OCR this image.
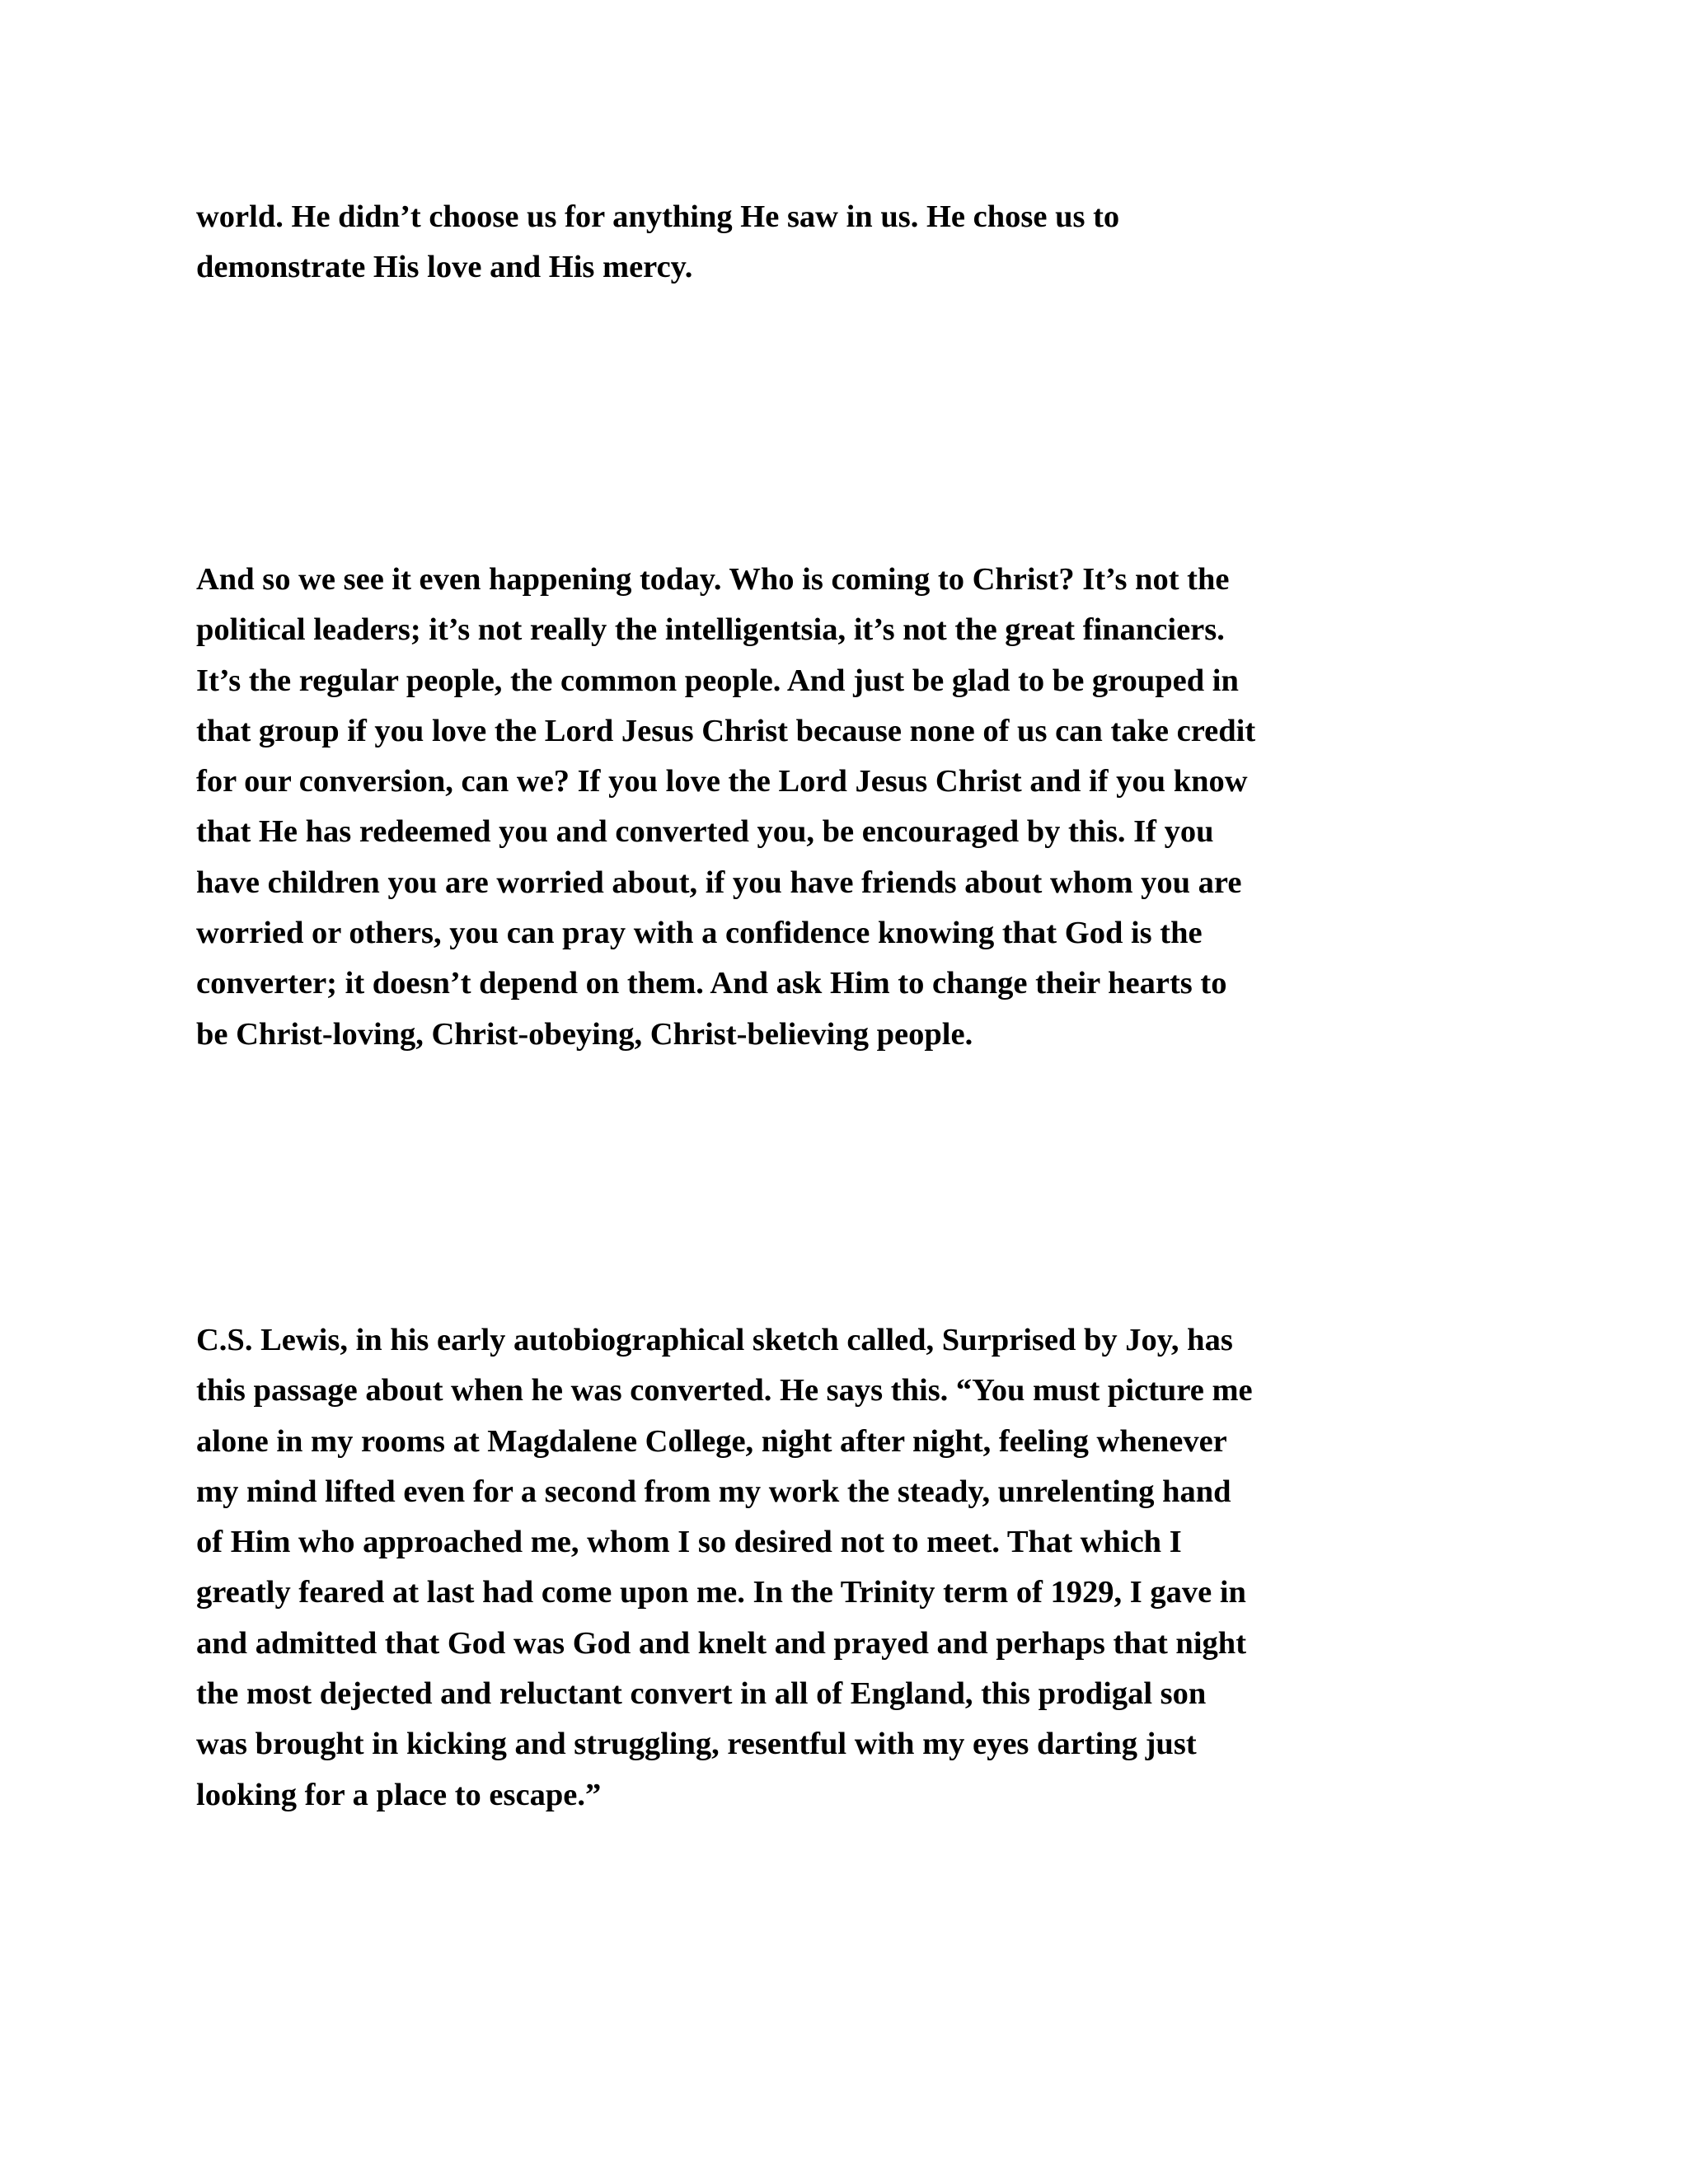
world. He didn’t choose us for anything He saw in us. He chose us to
demonstrate His love and His mercy.

And so we see it even happening today. Who is coming to Christ? It’s not the
political leaders; it’s not really the intelligentsia, it’s not the great financiers.
It’s the regular people, the common people. And just be glad to be grouped in
that group if you love the Lord Jesus Christ because none of us can take credit
for our conversion, can we? If you love the Lord Jesus Christ and if you know
that He has redeemed you and converted you, be encouraged by this. If you
have children you are worried about, if you have friends about whom you are
worried or others, you can pray with a confidence knowing that God is the
converter; it doesn’t depend on them. And ask Him to change their hearts to
be Christ-loving, Christ-obeying, Christ-believing people.

C.S. Lewis, in his early autobiographical sketch called, Surprised by Joy, has
this passage about when he was converted. He says this. “You must picture me
alone in my rooms at Magdalene College, night after night, feeling whenever
my mind lifted even for a second from my work the steady, unrelenting hand
of Him who approached me, whom I so desired not to meet. That which I
greatly feared at last had come upon me. In the Trinity term of 1929, I gave in
and admitted that God was God and knelt and prayed and perhaps that night
the most dejected and reluctant convert in all of England, this prodigal son
was brought in kicking and struggling, resentful with my eyes darting just
looking for a place to escape.”
